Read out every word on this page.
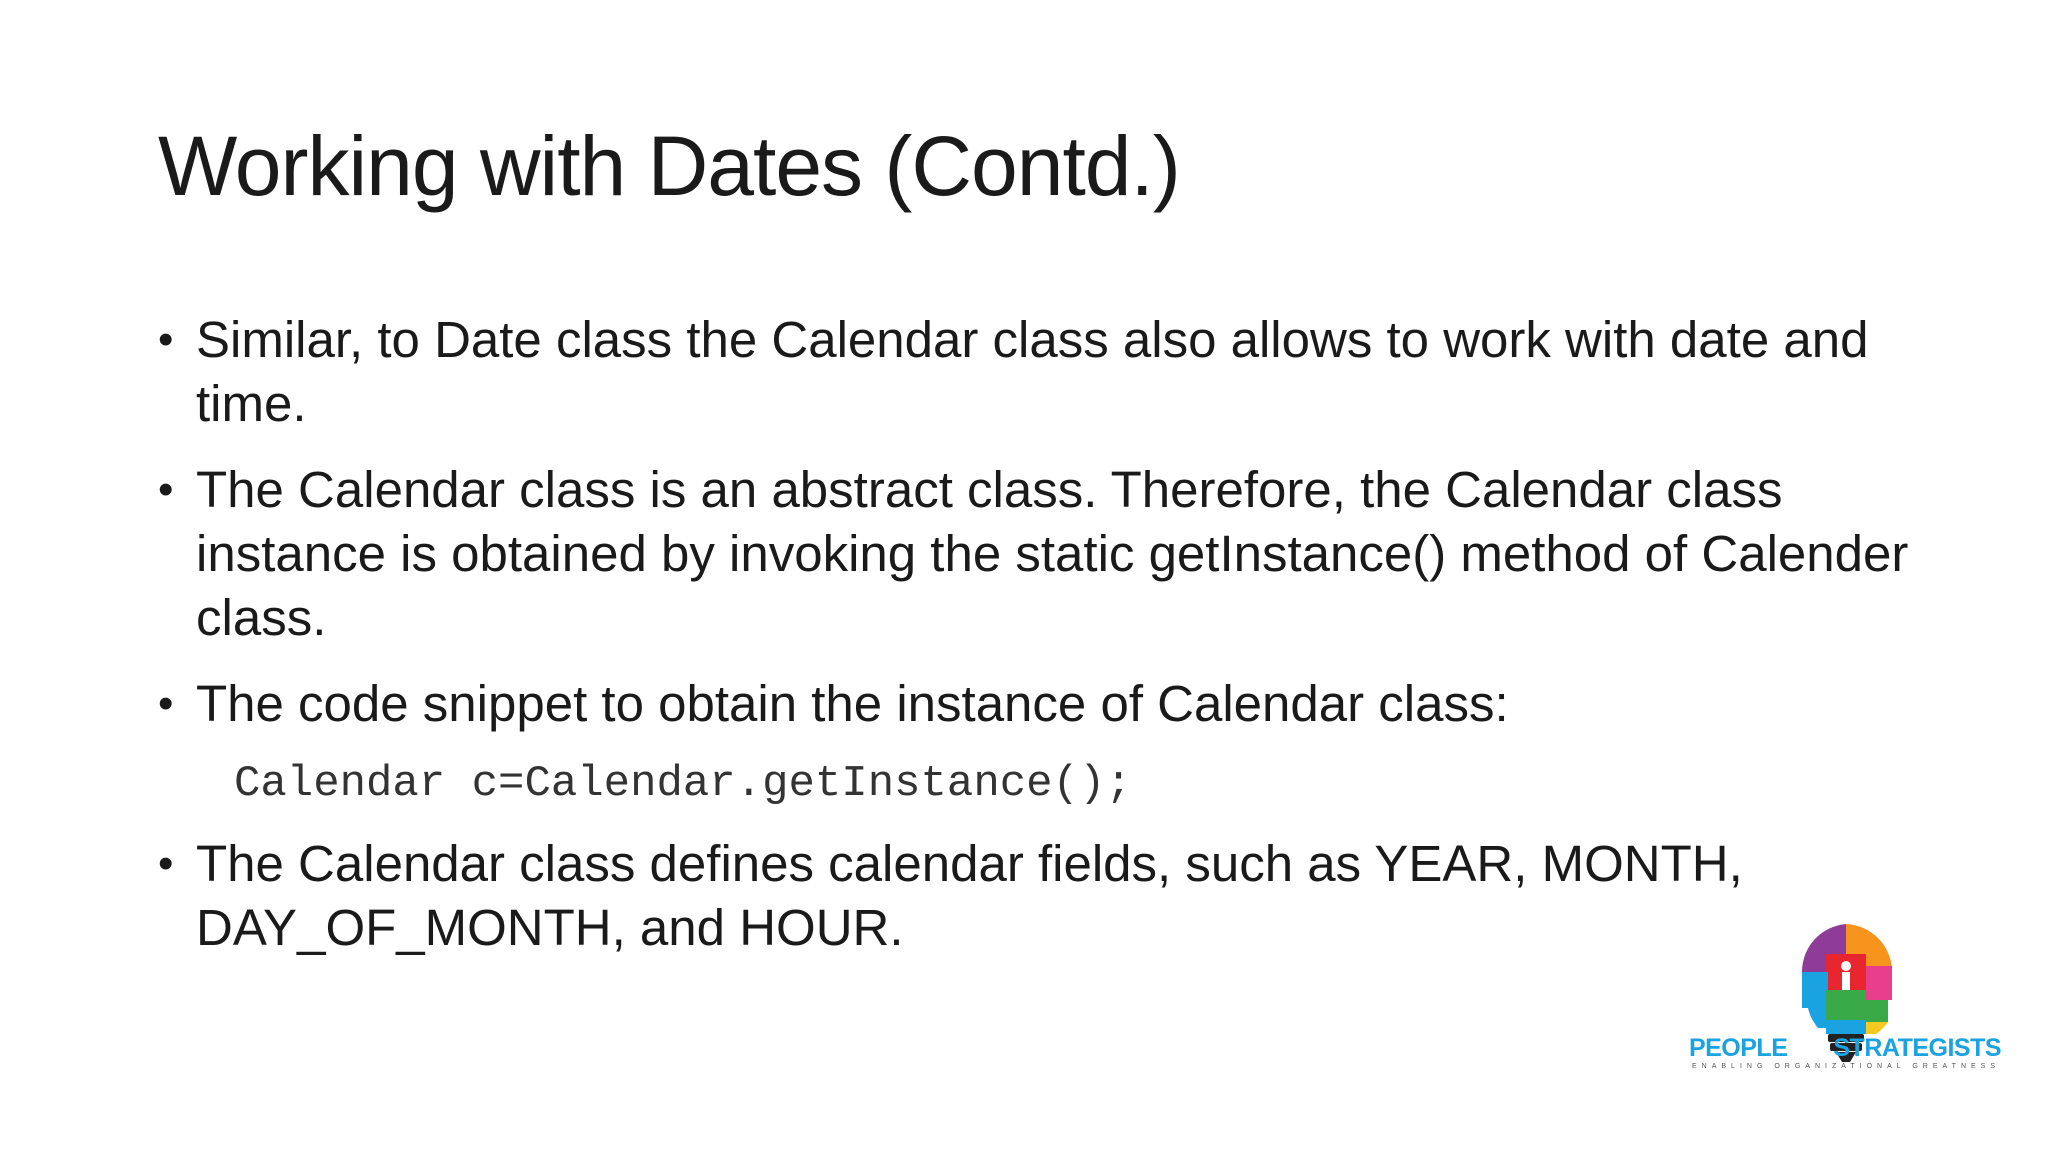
Working with Dates (Contd.)
• Similar, to Date class the Calendar class also allows to work with date and time.
• The Calendar class is an abstract class. Therefore, the Calendar class instance is obtained by invoking the static getInstance() method of Calender class.
• The code snippet to obtain the instance of Calendar class:
Calendar c=Calendar.getInstance();
• The Calendar class defines calendar fields, such as YEAR, MONTH, DAY_OF_MONTH, and HOUR.
PEOPLE STRATEGISTS
ENABLING ORGANIZATIONAL GREATNESS
